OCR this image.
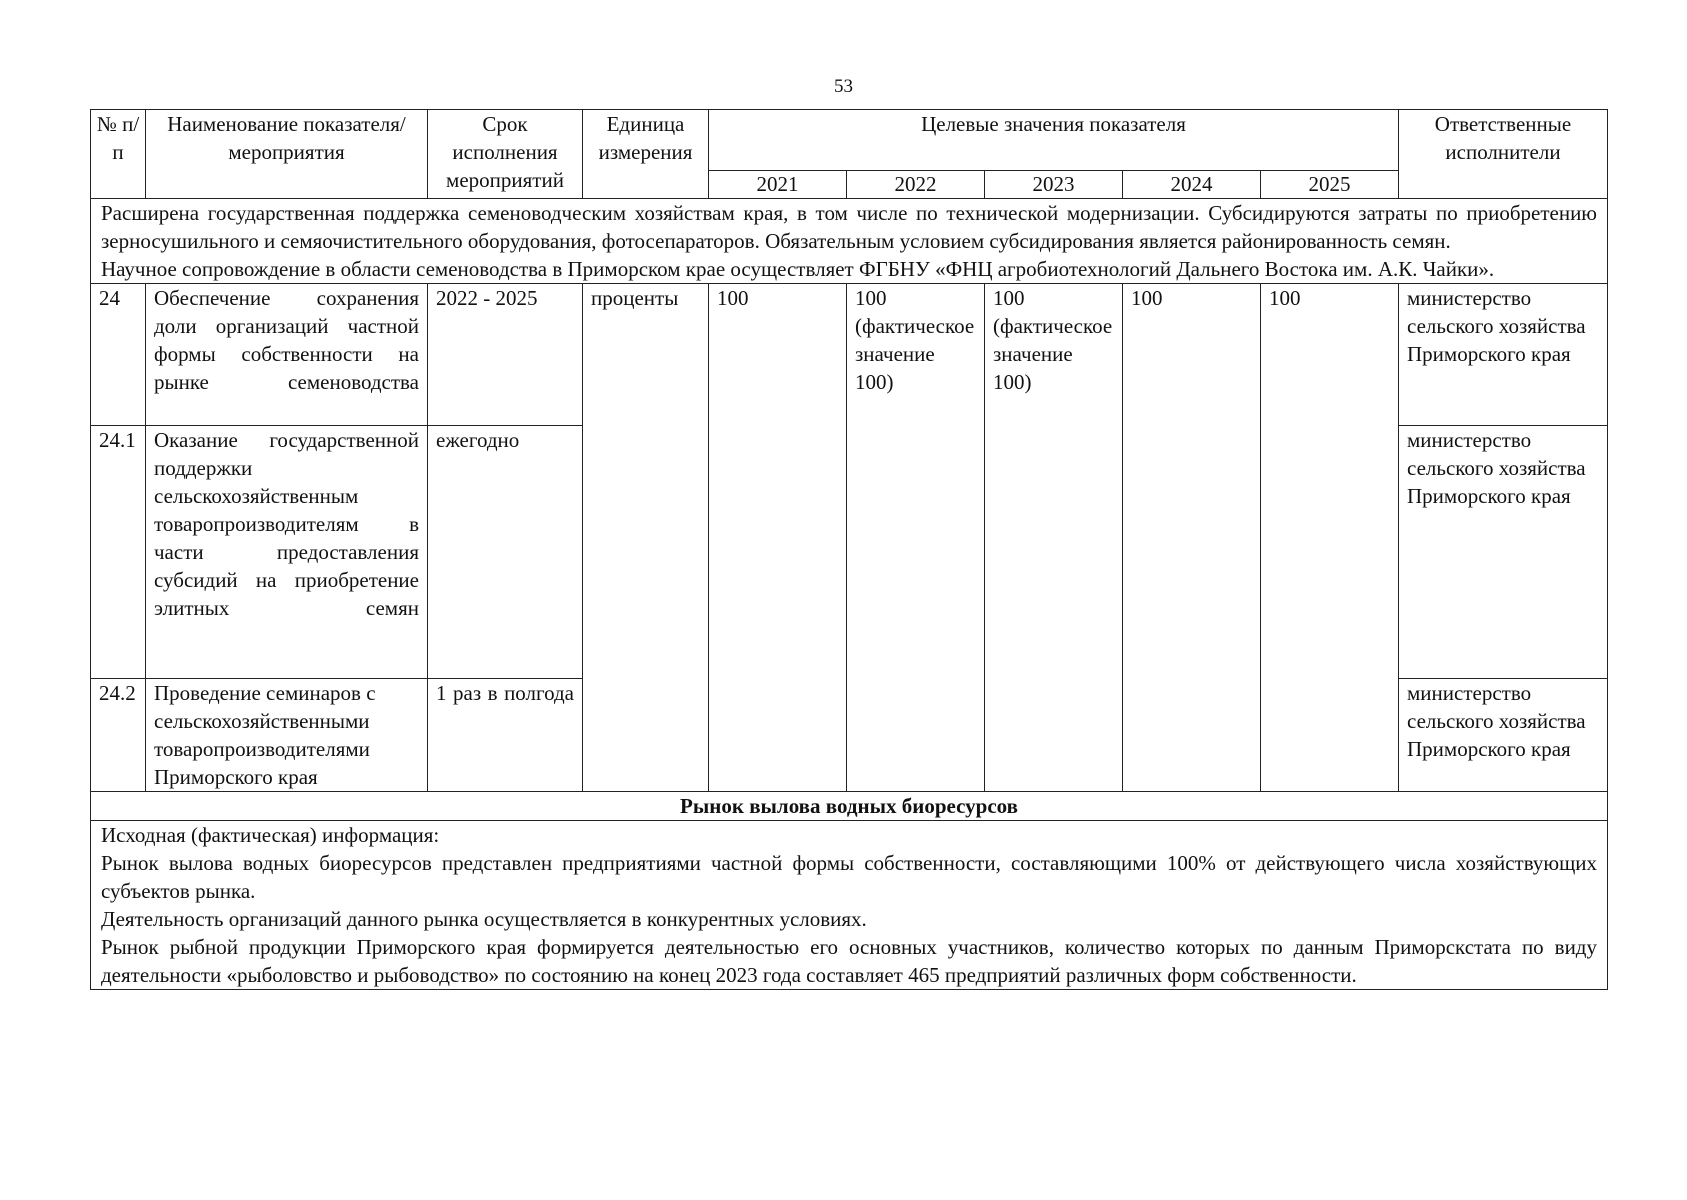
53
№ п/п	Наименование показателя/мероприятия	Срок исполнения мероприятий	Единица измерения	Целевые значения показателя					Ответственные исполнители
				2021	2022	2023	2024	2025	

Расширена государственная поддержка семеноводческим хозяйствам края, в том числе по технической модернизации. Субсидируются затраты по приобретению зерносушильного и семяочистительного оборудования, фотосепараторов. Обязательным условием субсидирования является районированность семян.

Научное сопровождение в области семеноводства в Приморском крае осуществляет ФГБНУ «ФНЦ агробиотехнологий Дальнего Востока им. А.К. Чайки».									

24	Обеспечение сохранения доли организаций частной формы собственности на рынке семеноводства	2022 - 2025	проценты	100	100 (фактическое значение 100)	100 (фактическое значение 100)	100	100	министерство сельского хозяйства Приморского края
24.1	Оказание государственной поддержки сельскохозяйственным товаропроизводителям в части предоставления субсидий на приобретение элитных семян	ежегодно							министерство сельского хозяйства Приморского края
24.2	Проведение семинаров с сельскохозяйственными товаропроизводителями Приморского края	1 раз в полгода							министерство сельского хозяйства Приморского края
Рынок вылова водных биоресурсов									

Исходная (фактическая) информация:

Рынок вылова водных биоресурсов представлен предприятиями частной формы собственности, составляющими 100% от действующего числа хозяйствующих субъектов рынка.

Деятельность организаций данного рынка осуществляется в конкурентных условиях.

Рынок рыбной продукции Приморского края формируется деятельностью его основных участников, количество которых по данным Приморскстата по виду деятельности «рыболовство и рыбоводство» по состоянию на конец 2023 года составляет 465 предприятий различных форм собственности.									
